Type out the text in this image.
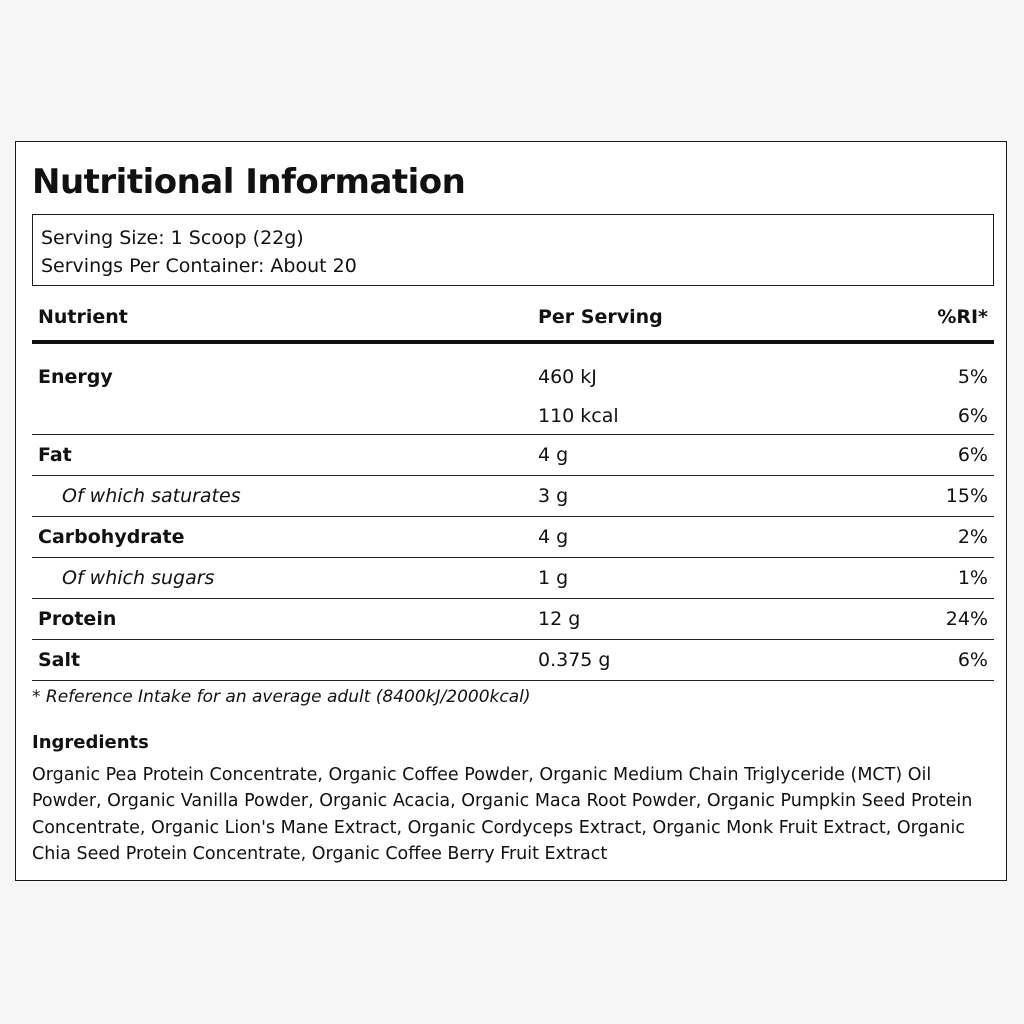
Nutritional Information
Serving Size: 1 Scoop (22g)
Servings Per Container: About 20
Nutrient	Per Serving	%RI*
Energy	460 kJ	5%
	110 kcal	6%
Fat	4 g	6%
Of which saturates	3 g	15%
Carbohydrate	4 g	2%
Of which sugars	1 g	1%
Protein	12 g	24%
Salt	0.375 g	6%
* Reference Intake for an average adult (8400kJ/2000kcal)
Ingredients

Organic Pea Protein Concentrate, Organic Coffee Powder, Organic Medium Chain Triglyceride (MCT) Oil Powder, Organic Vanilla Powder, Organic Acacia, Organic Maca Root Powder, Organic Pumpkin Seed Protein Concentrate, Organic Lion's Mane Extract, Organic Cordyceps Extract, Organic Monk Fruit Extract, Organic Chia Seed Protein Concentrate, Organic Coffee Berry Fruit Extract
